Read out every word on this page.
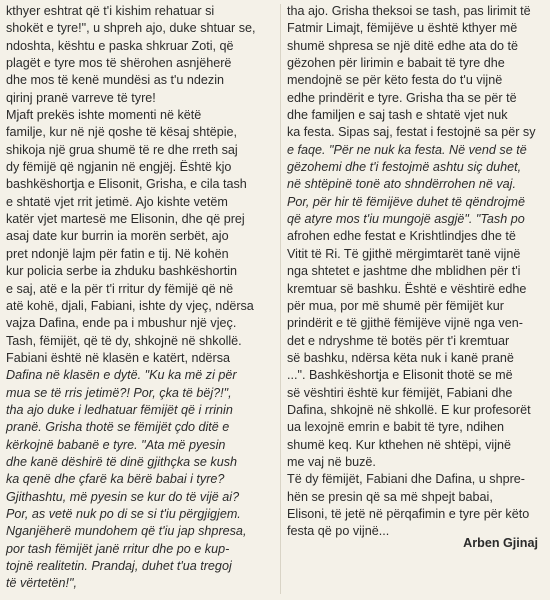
kthyer eshtrat që t'i kishim rehatuar si
shokët e tyre!", u shpreh ajo, duke shtuar se,
ndoshta, kështu e paska shkruar Zoti, që
plagët e tyre mos të shërohen asnjëherë
dhe mos të kenë mundësi as t'u ndezin
qirinj pranë varreve të tyre!
Mjaft prekës ishte momenti në këtë
familje, kur në një qoshe të kësaj shtëpie,
shikoja një grua shumë të re dhe rreth saj
dy fëmijë që ngjanin në engjëj. Është kjo
bashkëshortja e Elisonit, Grisha, e cila tash
e shtatë vjet rrit jetimë. Ajo kishte vetëm
katër vjet martesë me Elisonin, dhe që prej
asaj date kur burrin ia morën serbët, ajo
pret ndonjë lajm për fatin e tij. Në kohën
kur policia serbe ia zhduku bashkëshortin
e saj, atë e la për t'i rritur dy fëmijë që në
atë kohë, djali, Fabiani, ishte dy vjeç, ndërsa
vajza Dafina, ende pa i mbushur një vjeç.
Tash, fëmijët, që të dy, shkojnë në shkollë.
Fabiani është në klasën e katërt, ndërsa
Dafina në klasën e dytë. "Ku ka më zi për
mua se të rris jetimë?! Por, çka të bëj?!",
tha ajo duke i ledhatuar fëmijët që i rrinin
pranë. Grisha thotë se fëmijët çdo ditë e
kërkojnë babanë e tyre. "Ata më pyesin
dhe kanë dëshirë të dinë gjithçka se kush
ka qenë dhe çfarë ka bërë babai i tyre?
Gjithashtu, më pyesin se kur do të vijë ai?
Por, as vetë nuk po di se si t'iu përgjigjem.
Nganjëherë mundohem që t'iu jap shpresa,
por tash fëmijët janë rritur dhe po e kup-
tojnë realitetin. Prandaj, duhet t'ua tregoj
të vërtetën!",
tha ajo. Grisha theksoi se tash, pas lirimit të
Fatmir Limajt, fëmijëve u është kthyer më
shumë shpresa se një ditë edhe ata do të
gëzohen për lirimin e babait të tyre dhe
mendojnë se për këto festa do t'u vijnë
edhe prindërit e tyre. Grisha tha se për të
dhe familjen e saj tash e shtatë vjet nuk
ka festa. Sipas saj, festat i festojnë sa për sy
e faqe. "Për ne nuk ka festa. Në vend se të
gëzohemi dhe t'i festojmë ashtu siç duhet,
në shtëpinë tonë ato shndërrohen në vaj.
Por, për hir të fëmijëve duhet të qëndrojmë
që atyre mos t'iu mungojë asgjë". "Tash po
afrohen edhe festat e Krishtlindjes dhe të
Vitit të Ri. Të gjithë mërgimtarët tanë vijnë
nga shtetet e jashtme dhe mblidhen për t'i
kremtuar së bashku. Është e vështirë edhe
për mua, por më shumë për fëmijët kur
prindërit e të gjithë fëmijëve vijnë nga ven-
det e ndryshme të botës për t'i kremtuar
së bashku, ndërsa këta nuk i kanë pranë
...". Bashkëshortja e Elisonit thotë se më
së vështiri është kur fëmijët, Fabiani dhe
Dafina, shkojnë në shkollë. E kur profesorët
ua lexojnë emrin e babit të tyre, ndihen
shumë keq. Kur kthehen në shtëpi, vijnë
me vaj në buzë.
Të dy fëmijët, Fabiani dhe Dafina, u shpre-
hën se presin që sa më shpejt babai,
Elisoni, të jetë në përqafimin e tyre për këto
festa që po vijnë...
Arben Gjinaj
